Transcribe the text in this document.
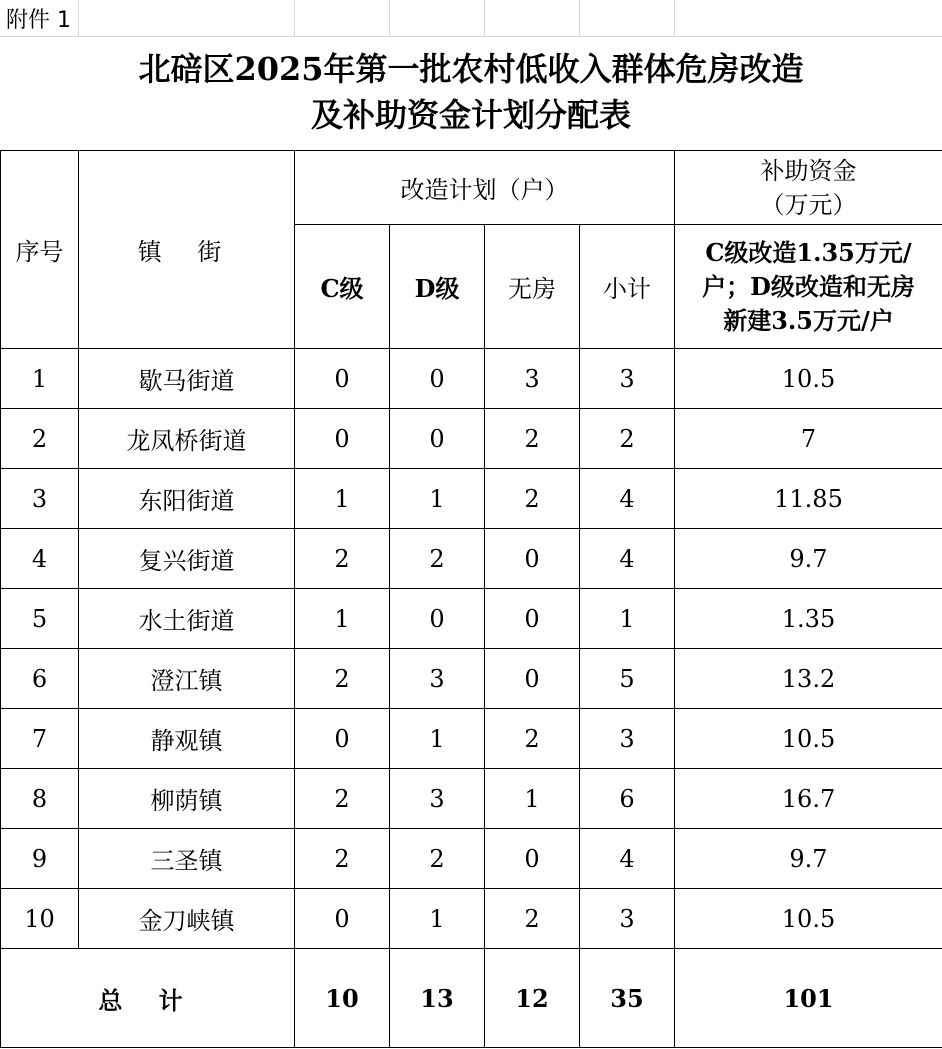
附件 1
北碚区2025年第一批农村低收入群体危房改造
及补助资金计划分配表
序号	镇 街	改造计划（户）				补助资金
（万元）

		C级	D级	无房	小计	C级改造1.35万元/
户；D级改造和无房
新建3.5万元/户

1	歇马街道	0	0	3	3	10.5
2	龙凤桥街道	0	0	2	2	7
3	东阳街道	1	1	2	4	11.85
4	复兴街道	2	2	0	4	9.7
5	水土街道	1	0	0	1	1.35
6	澄江镇	2	3	0	5	13.2
7	静观镇	0	1	2	3	10.5
8	柳荫镇	2	3	1	6	16.7
9	三圣镇	2	2	0	4	9.7
10	金刀峡镇	0	1	2	3	10.5
总 计		10	13	12	35	101
